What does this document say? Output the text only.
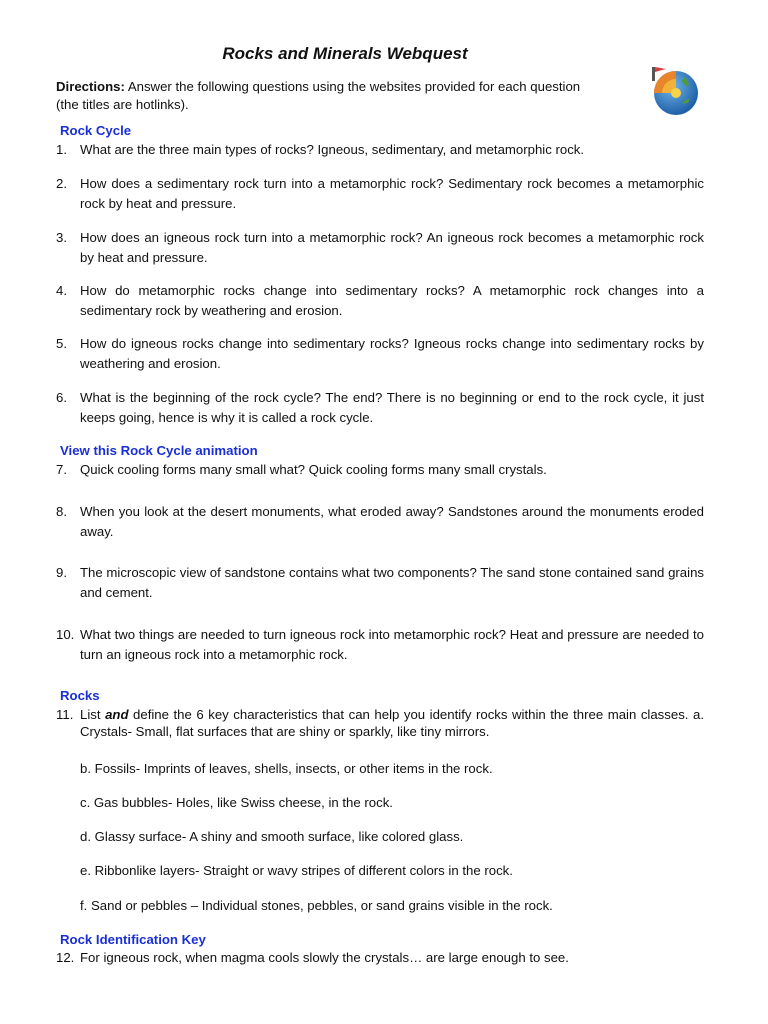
Rocks and Minerals Webquest
Directions: Answer the following questions using the websites provided for each question
(the titles are hotlinks).
Rock Cycle
1. What are the three main types of rocks? Igneous, sedimentary, and metamorphic rock.
2. How does a sedimentary rock turn into a metamorphic rock? Sedimentary rock becomes a metamorphic rock by heat and pressure.
3. How does an igneous rock turn into a metamorphic rock? An igneous rock becomes a metamorphic rock by heat and pressure.
4. How do metamorphic rocks change into sedimentary rocks? A metamorphic rock changes into a sedimentary rock by weathering and erosion.
5. How do igneous rocks change into sedimentary rocks? Igneous rocks change into sedimentary rocks by weathering and erosion.
6. What is the beginning of the rock cycle? The end? There is no beginning or end to the rock cycle, it just keeps going, hence is why it is called a rock cycle.
View this Rock Cycle animation
7. Quick cooling forms many small what? Quick cooling forms many small crystals.
8. When you look at the desert monuments, what eroded away? Sandstones around the monuments eroded away.
9. The microscopic view of sandstone contains what two components? The sand stone contained sand grains and cement.
10. What two things are needed to turn igneous rock into metamorphic rock? Heat and pressure are needed to turn an igneous rock into a metamorphic rock.
Rocks
11. List and define the 6 key characteristics that can help you identify rocks within the three main classes. a. Crystals- Small, flat surfaces that are shiny or sparkly, like tiny mirrors.
b. Fossils- Imprints of leaves, shells, insects, or other items in the rock.
c. Gas bubbles- Holes, like Swiss cheese, in the rock.
d. Glassy surface- A shiny and smooth surface, like colored glass.
e. Ribbonlike layers- Straight or wavy stripes of different colors in the rock.
f. Sand or pebbles – Individual stones, pebbles, or sand grains visible in the rock.
Rock Identification Key
12. For igneous rock, when magma cools slowly the crystals… are large enough to see.
